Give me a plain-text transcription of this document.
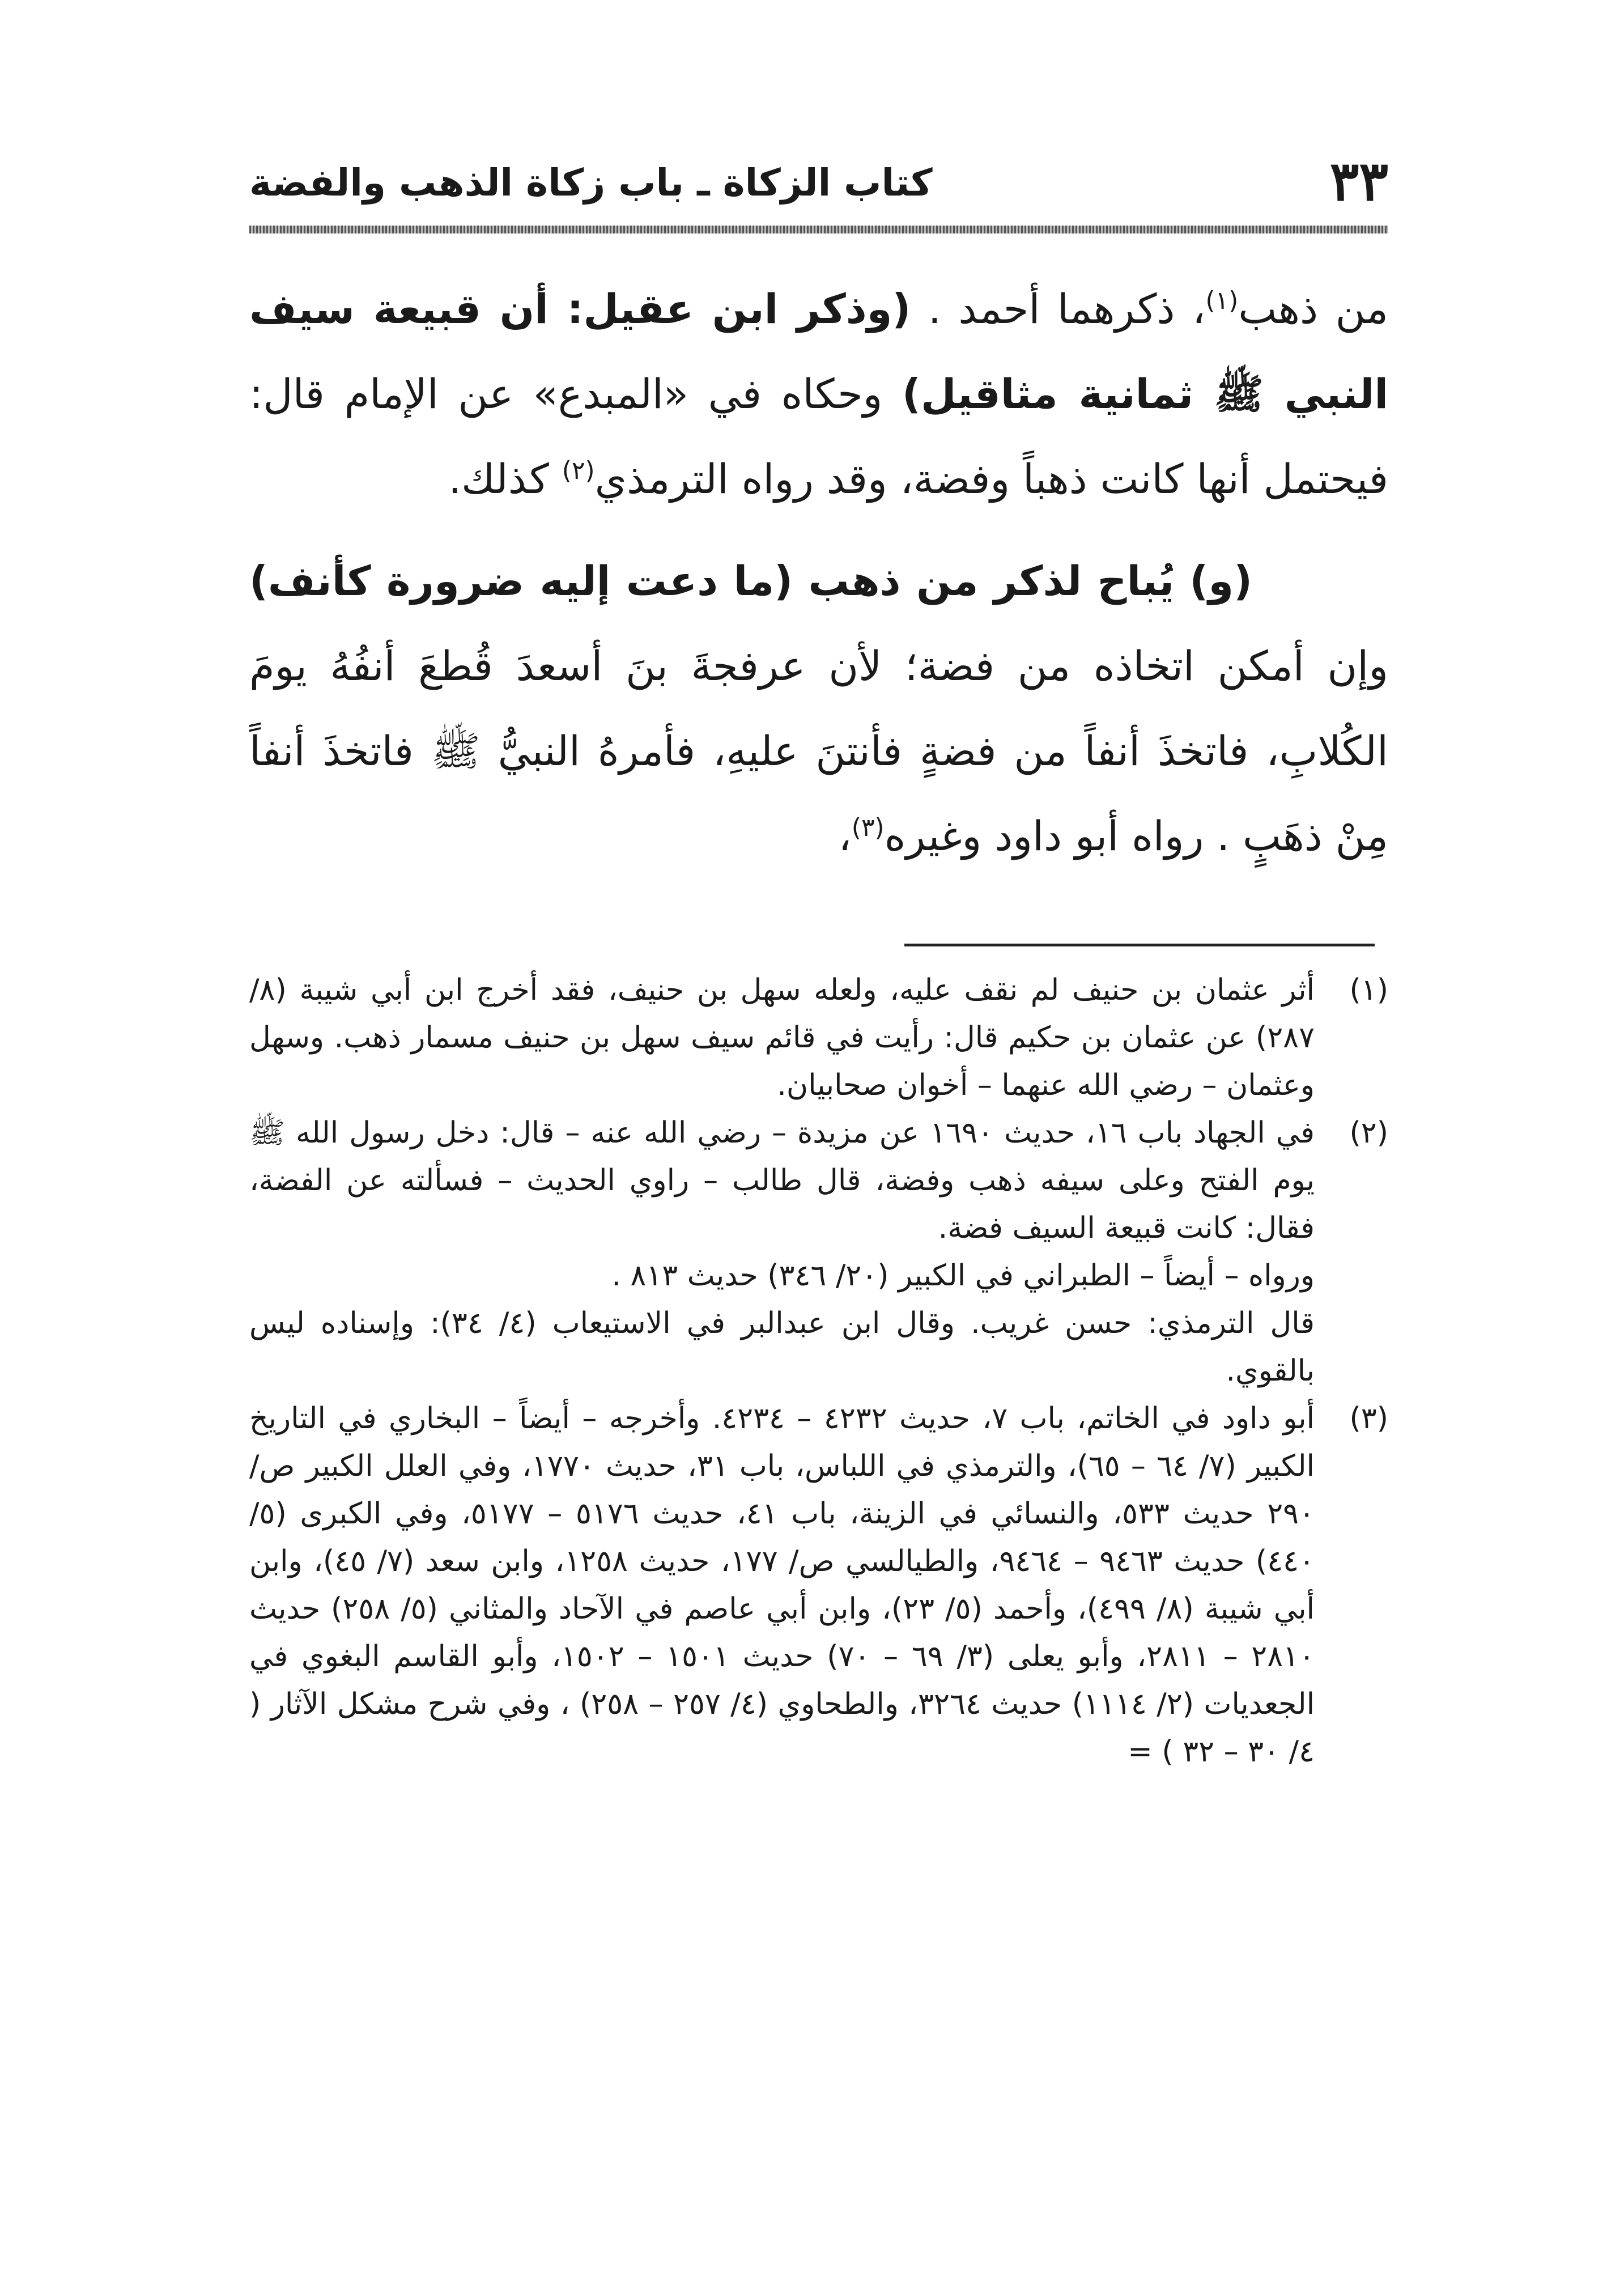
٣٣
كتاب الزكاة ـ باب زكاة الذهب والفضة

من ذهب$^{(١)}$، ذكرهما أحمد . (وذكر ابن عقيل: أن قبيعة سيف النبي ﷺ ثمانية مثاقيل) وحكاه في «المبدع» عن الإمام قال: فيحتمل أنها كانت ذهباً وفضة، وقد رواه الترمذي$^{(٢)}$ كذلك.

(و) يُباح لذكر من ذهب (ما دعت إليه ضرورة كأنف) وإن أمكن اتخاذه من فضة؛ لأن عرفجةَ بنَ أسعدَ قُطعَ أنفُهُ يومَ الكُلابِ، فاتخذَ أنفاً من فضةٍ فأنتنَ عليهِ، فأمرهُ النبيُّ ﷺ فاتخذَ أنفاً مِنْ ذهَبٍ . رواه أبو داود وغيره$^{(٣)}$،

(١)
أثر عثمان بن حنيف لم نقف عليه، ولعله سهل بن حنيف، فقد أخرج ابن أبي شيبة (٨/ ٢٨٧) عن عثمان بن حكيم قال: رأيت في قائم سيف سهل بن حنيف مسمار ذهب. وسهل وعثمان – رضي الله عنهما – أخوان صحابيان.
(٢)
في الجهاد باب ١٦، حديث ١٦٩٠ عن مزيدة – رضي الله عنه – قال: دخل رسول الله ﷺ يوم الفتح وعلى سيفه ذهب وفضة، قال طالب – راوي الحديث – فسألته عن الفضة، فقال: كانت قبيعة السيف فضة.
ورواه – أيضاً – الطبراني في الكبير (٢٠/ ٣٤٦) حديث ٨١٣ .
قال الترمذي: حسن غريب. وقال ابن عبدالبر في الاستيعاب (٤/ ٣٤): وإسناده ليس بالقوي.
(٣)
أبو داود في الخاتم، باب ٧، حديث ٤٢٣٢ – ٤٢٣٤. وأخرجه – أيضاً – البخاري في التاريخ الكبير (٧/ ٦٤ – ٦٥)، والترمذي في اللباس، باب ٣١، حديث ١٧٧٠، وفي العلل الكبير ص/ ٢٩٠ حديث ٥٣٣، والنسائي في الزينة، باب ٤١، حديث ٥١٧٦ – ٥١٧٧، وفي الكبرى (٥/ ٤٤٠) حديث ٩٤٦٣ – ٩٤٦٤، والطيالسي ص/ ١٧٧، حديث ١٢٥٨، وابن سعد (٧/ ٤٥)، وابن أبي شيبة (٨/ ٤٩٩)، وأحمد (٥/ ٢٣)، وابن أبي عاصم في الآحاد والمثاني (٥/ ٢٥٨) حديث ٢٨١٠ – ٢٨١١، وأبو يعلى (٣/ ٦٩ – ٧٠) حديث ١٥٠١ – ١٥٠٢، وأبو القاسم البغوي في الجعديات (٢/ ١١١٤) حديث ٣٢٦٤، والطحاوي (٤/ ٢٥٧ – ٢٥٨) ، وفي شرح مشكل الآثار ( ٤/ ٣٠ – ٣٢ ) =
